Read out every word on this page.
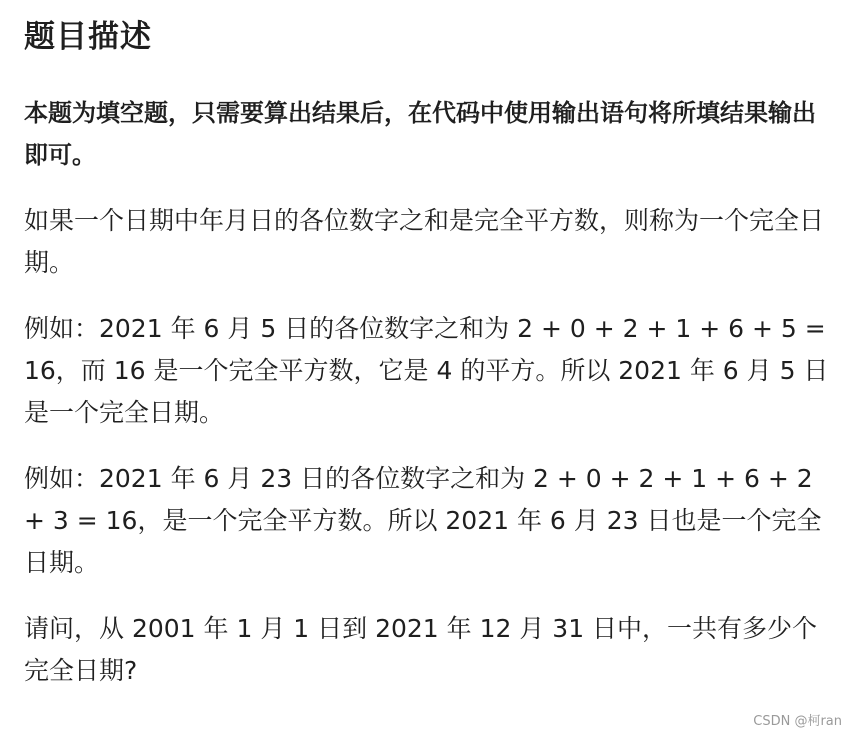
题目描述
本题为填空题，只需要算出结果后，在代码中使用输出语句将所填结果输出即可。

如果一个日期中年月日的各位数字之和是完全平方数，则称为一个完全日期。

例如：2021 年 6 月 5 日的各位数字之和为 2 + 0 + 2 + 1 + 6 + 5 = 16，而 16 是一个完全平方数，它是 4 的平方。所以 2021 年 6 月 5 日是一个完全日期。

例如：2021 年 6 月 23 日的各位数字之和为 2 + 0 + 2 + 1 + 6 + 2 + 3 = 16，是一个完全平方数。所以 2021 年 6 月 23 日也是一个完全日期。

请问，从 2001 年 1 月 1 日到 2021 年 12 月 31 日中，一共有多少个完全日期?

CSDN @柯ran
